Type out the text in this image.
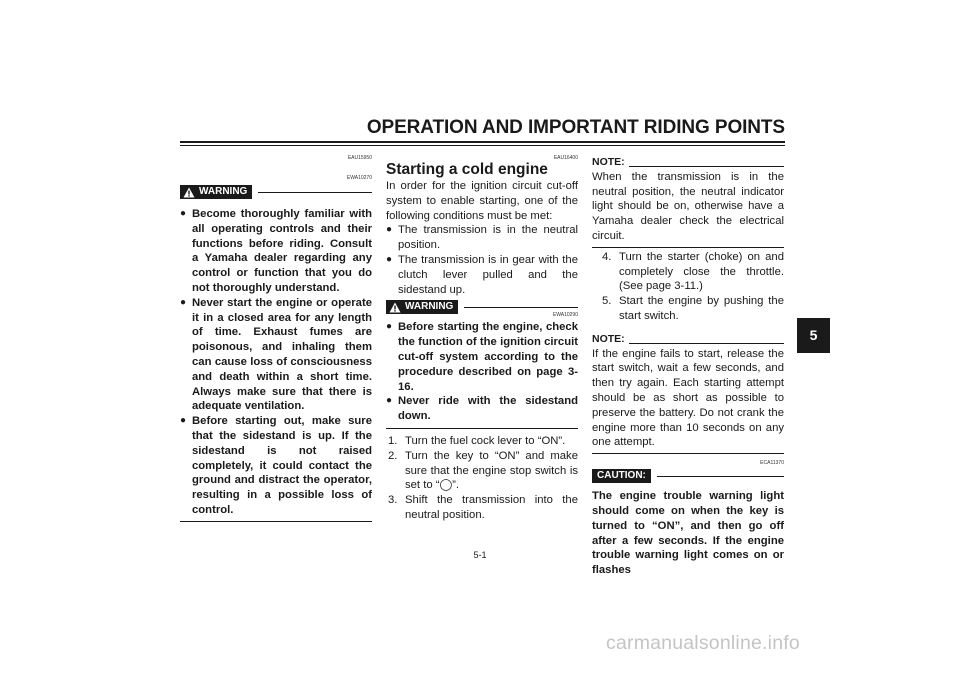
OPERATION AND IMPORTANT RIDING POINTS
5
EAU15950
EWA10270
WARNING
● Become thoroughly familiar with all operating controls and their functions before riding. Consult a Yamaha dealer regarding any control or function that you do not thoroughly understand.
● Never start the engine or operate it in a closed area for any length of time. Exhaust fumes are poisonous, and inhaling them can cause loss of consciousness and death within a short time. Always make sure that there is adequate ventilation.
● Before starting out, make sure that the sidestand is up. If the sidestand is not raised completely, it could contact the ground and distract the operator, resulting in a possible loss of control.
EAU16400
Starting a cold engine
In order for the ignition circuit cut-off system to enable starting, one of the following conditions must be met:
● The transmission is in the neutral position.
● The transmission is in gear with the clutch lever pulled and the sidestand up.
WARNING
EWA10290
● Before starting the engine, check the function of the ignition circuit cut-off system according to the procedure described on page 3-16.
● Never ride with the sidestand down.
1. Turn the fuel cock lever to “ON”.
2. Turn the key to “ON” and make sure that the engine stop switch is set to “◯”.
3. Shift the transmission into the neutral position.
NOTE:
When the transmission is in the neutral position, the neutral indicator light should be on, otherwise have a Yamaha dealer check the electrical circuit.
4. Turn the starter (choke) on and completely close the throttle. (See page 3-11.)
5. Start the engine by pushing the start switch.
NOTE:
If the engine fails to start, release the start switch, wait a few seconds, and then try again. Each starting attempt should be as short as possible to preserve the battery. Do not crank the engine more than 10 seconds on any one attempt.
ECA11370
CAUTION:
The engine trouble warning light should come on when the key is turned to “ON”, and then go off after a few seconds. If the engine trouble warning light comes on or flashes
5-1
carmanualsonline.info
